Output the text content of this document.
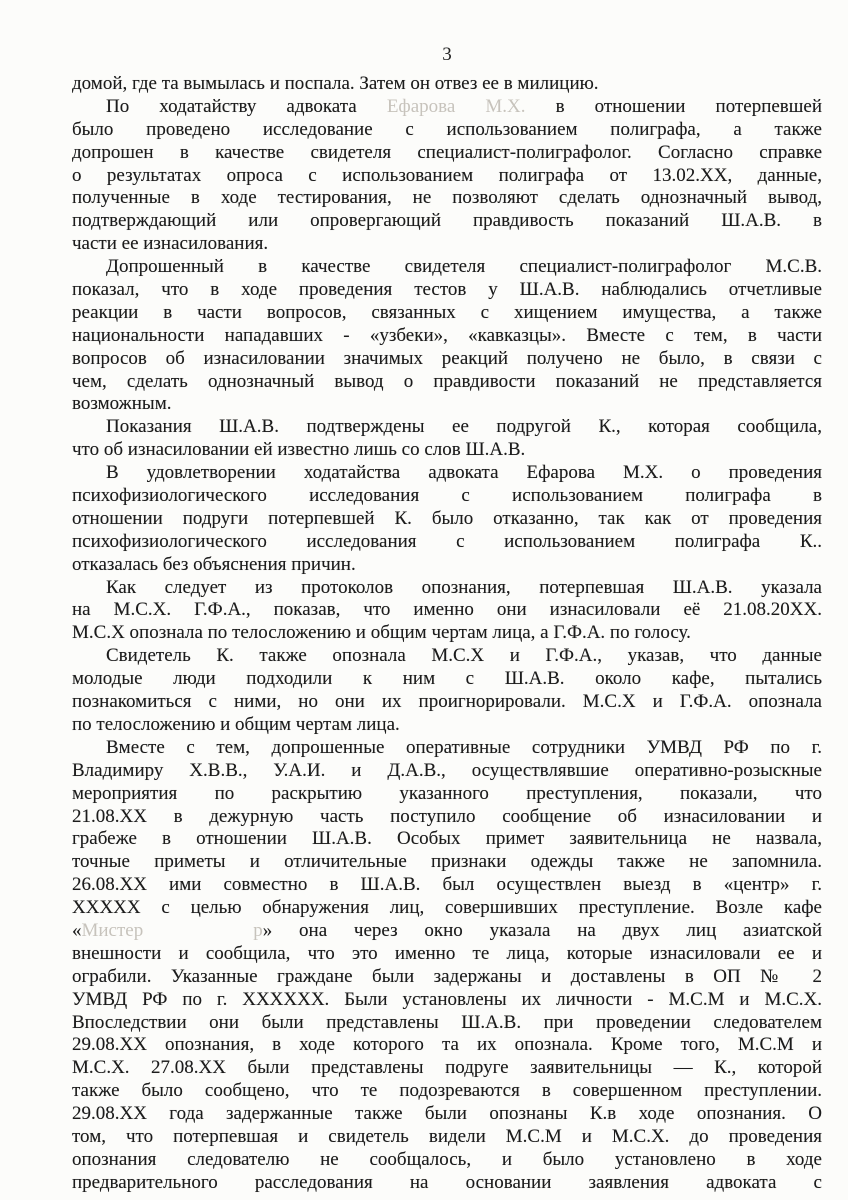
3
домой, где та вымылась и поспала. Затем он отвез ее в милицию.
По ходатайству адвоката Ефарова М.Х. в отношении потерпевшей
было проведено исследование с использованием полиграфа, а также
допрошен в качестве свидетеля специалист-полиграфолог. Согласно справке
о результатах опроса с использованием полиграфа от 13.02.ХХ, данные,
полученные в ходе тестирования, не позволяют сделать однозначный вывод,
подтверждающий или опровергающий правдивость показаний Ш.А.В. в
части ее изнасилования.
Допрошенный в качестве свидетеля специалист-полиграфолог М.С.В.
показал, что в ходе проведения тестов у Ш.А.В. наблюдались отчетливые
реакции в части вопросов, связанных с хищением имущества, а также
национальности нападавших - «узбеки», «кавказцы». Вместе с тем, в части
вопросов об изнасиловании значимых реакций получено не было, в связи с
чем, сделать однозначный вывод о правдивости показаний не представляется
возможным.
Показания Ш.А.В. подтверждены ее подругой К., которая сообщила,
что об изнасиловании ей известно лишь со слов Ш.А.В.
В удовлетворении ходатайства адвоката Ефарова М.Х. о проведения
психофизиологического исследования с использованием полиграфа в
отношении подруги потерпевшей К. было отказанно, так как от проведения
психофизиологического исследования с использованием полиграфа К..
отказалась без объяснения причин.
Как следует из протоколов опознания, потерпевшая Ш.А.В. указала
на М.С.Х. Г.Ф.А., показав, что именно они изнасиловали её 21.08.20ХХ.
М.С.Х опознала по телосложению и общим чертам лица, а Г.Ф.А. по голосу.
Свидетель К. также опознала М.С.Х и Г.Ф.А., указав, что данные
молодые люди подходили к ним с Ш.А.В. около кафе, пытались
познакомиться с ними, но они их проигнорировали. М.С.Х и Г.Ф.А. опознала
по телосложению и общим чертам лица.
Вместе с тем, допрошенные оперативные сотрудники УМВД РФ по г.
Владимиру Х.В.В., У.А.И. и Д.А.В., осуществлявшие оперативно-розыскные
мероприятия по раскрытию указанного преступления, показали, что
21.08.ХХ в дежурную часть поступило сообщение об изнасиловании и
грабеже в отношении Ш.А.В. Особых примет заявительница не назвала,
точные приметы и отличительные признаки одежды также не запомнила.
26.08.ХХ ими совместно в Ш.А.В. был осуществлен выезд в «центр» г.
ХХХХХ с целью обнаружения лиц, совершивших преступление. Возле кафе
«Мистер	р» она через окно указала на двух лиц азиатской
внешности и сообщила, что это именно те лица, которые изнасиловали ее и
ограбили. Указанные граждане были задержаны и доставлены в ОП № 2
УМВД РФ по г. ХХХХХХ. Были установлены их личности - М.С.М и М.С.Х.
Впоследствии они были представлены Ш.А.В. при проведении следователем
29.08.ХХ опознания, в ходе которого та их опознала. Кроме того, М.С.М и
М.С.Х. 27.08.ХХ были представлены подруге заявительницы — К., которой
также было сообщено, что те подозреваются в совершенном преступлении.
29.08.ХХ года задержанные также были опознаны К.в ходе опознания. О
том, что потерпевшая и свидетель видели М.С.М и М.С.Х. до проведения
опознания следователю не сообщалось, и было установлено в ходе
предварительного расследования на основании заявления адвоката с
